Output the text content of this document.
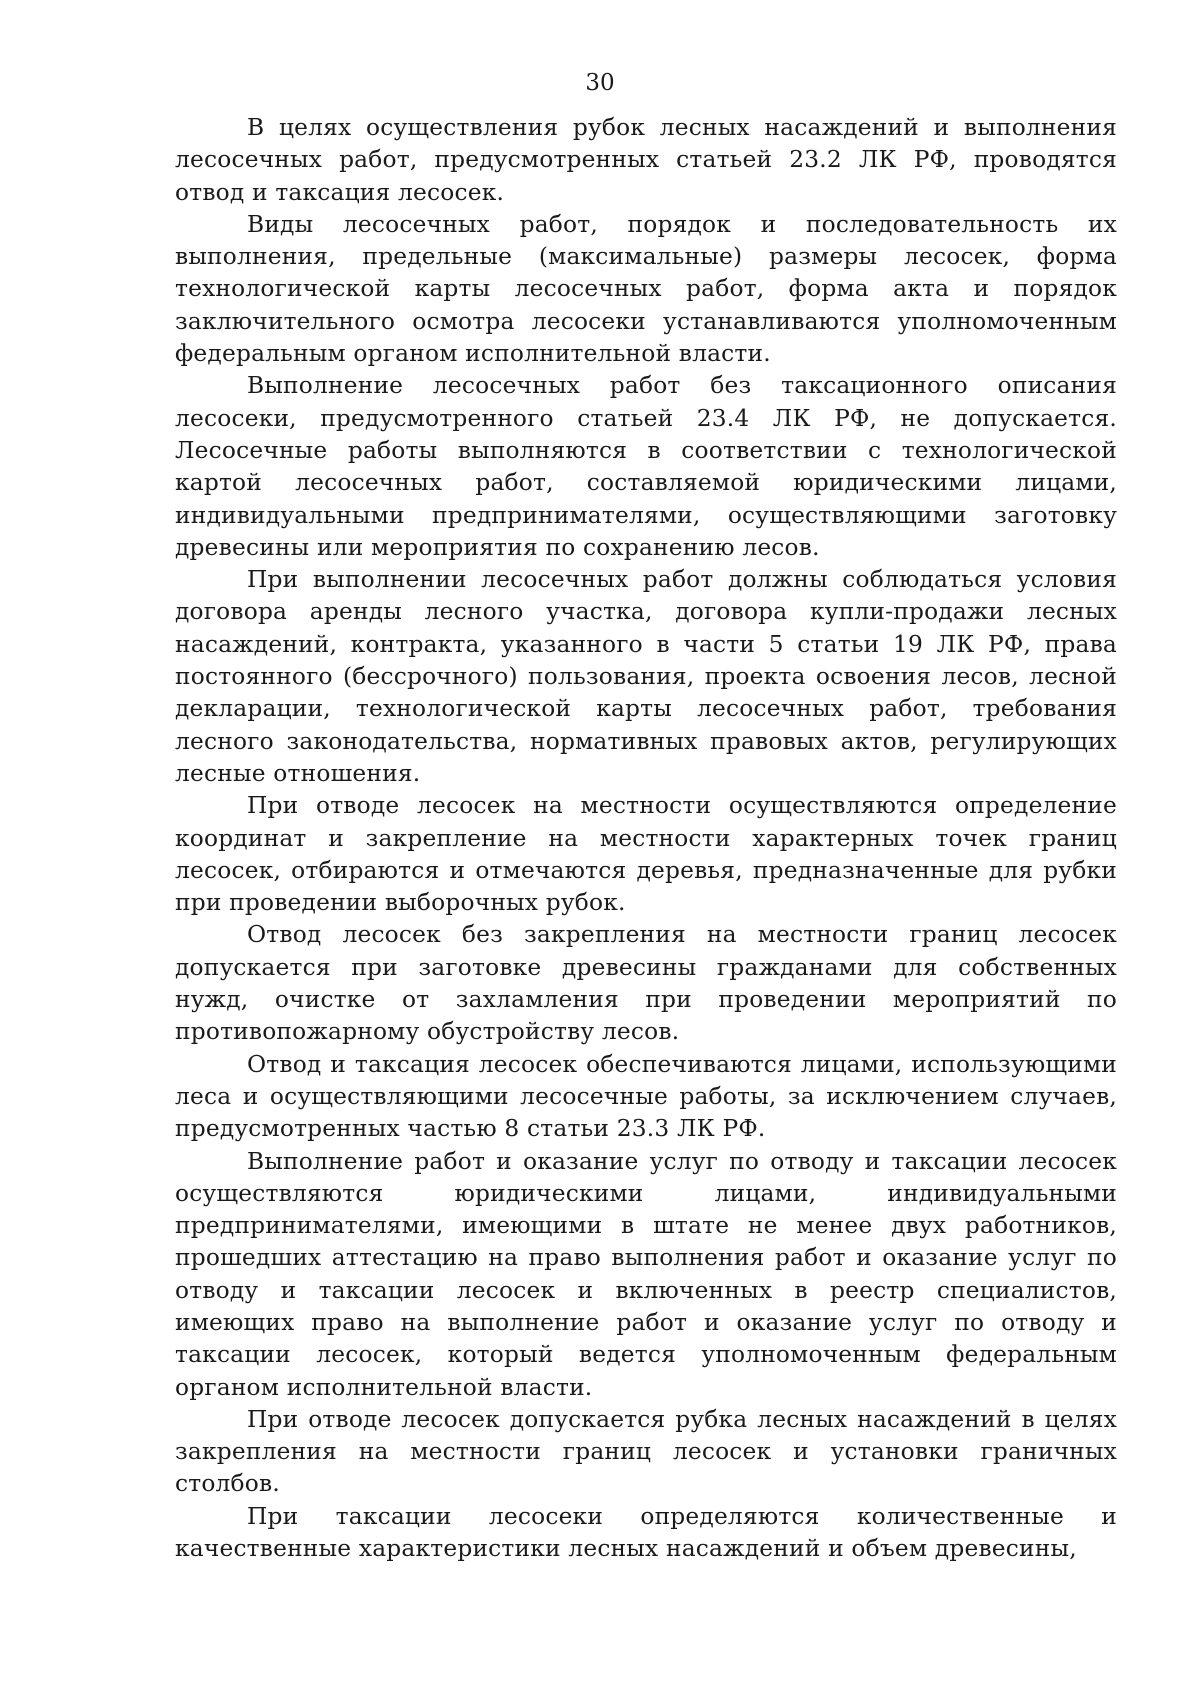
30

В целях осуществления рубок лесных насаждений и выполнения лесосечных работ, предусмотренных статьей 23.2 ЛК РФ, проводятся отвод и таксация лесосек.

Виды лесосечных работ, порядок и последовательность их выполнения, предельные (максимальные) размеры лесосек, форма технологической карты лесосечных работ, форма акта и порядок заключительного осмотра лесосеки устанавливаются уполномоченным федеральным органом исполнительной власти.

Выполнение лесосечных работ без таксационного описания лесосеки, предусмотренного статьей 23.4 ЛК РФ, не допускается. Лесосечные работы выполняются в соответствии с технологической картой лесосечных работ, составляемой юридическими лицами, индивидуальными предпринимателями, осуществляющими заготовку древесины или мероприятия по сохранению лесов.

При выполнении лесосечных работ должны соблюдаться условия договора аренды лесного участка, договора купли-продажи лесных насаждений, контракта, указанного в части 5 статьи 19 ЛК РФ, права постоянного (бессрочного) пользования, проекта освоения лесов, лесной декларации, технологической карты лесосечных работ, требования лесного законодательства, нормативных правовых актов, регулирующих лесные отношения.

При отводе лесосек на местности осуществляются определение координат и закрепление на местности характерных точек границ лесосек, отбираются и отмечаются деревья, предназначенные для рубки при проведении выборочных рубок.

Отвод лесосек без закрепления на местности границ лесосек допускается при заготовке древесины гражданами для собственных нужд, очистке от захламления при проведении мероприятий по противопожарному обустройству лесов.

Отвод и таксация лесосек обеспечиваются лицами, использующими леса и осуществляющими лесосечные работы, за исключением случаев, предусмотренных частью 8 статьи 23.3 ЛК РФ.

Выполнение работ и оказание услуг по отводу и таксации лесосек осуществляются юридическими лицами, индивидуальными предпринимателями, имеющими в штате не менее двух работников, прошедших аттестацию на право выполнения работ и оказание услуг по отводу и таксации лесосек и включенных в реестр специалистов, имеющих право на выполнение работ и оказание услуг по отводу и таксации лесосек, который ведется уполномоченным федеральным органом исполнительной власти.

При отводе лесосек допускается рубка лесных насаждений в целях закрепления на местности границ лесосек и установки граничных столбов.

При таксации лесосеки определяются количественные и качественные характеристики лесных насаждений и объем древесины,
